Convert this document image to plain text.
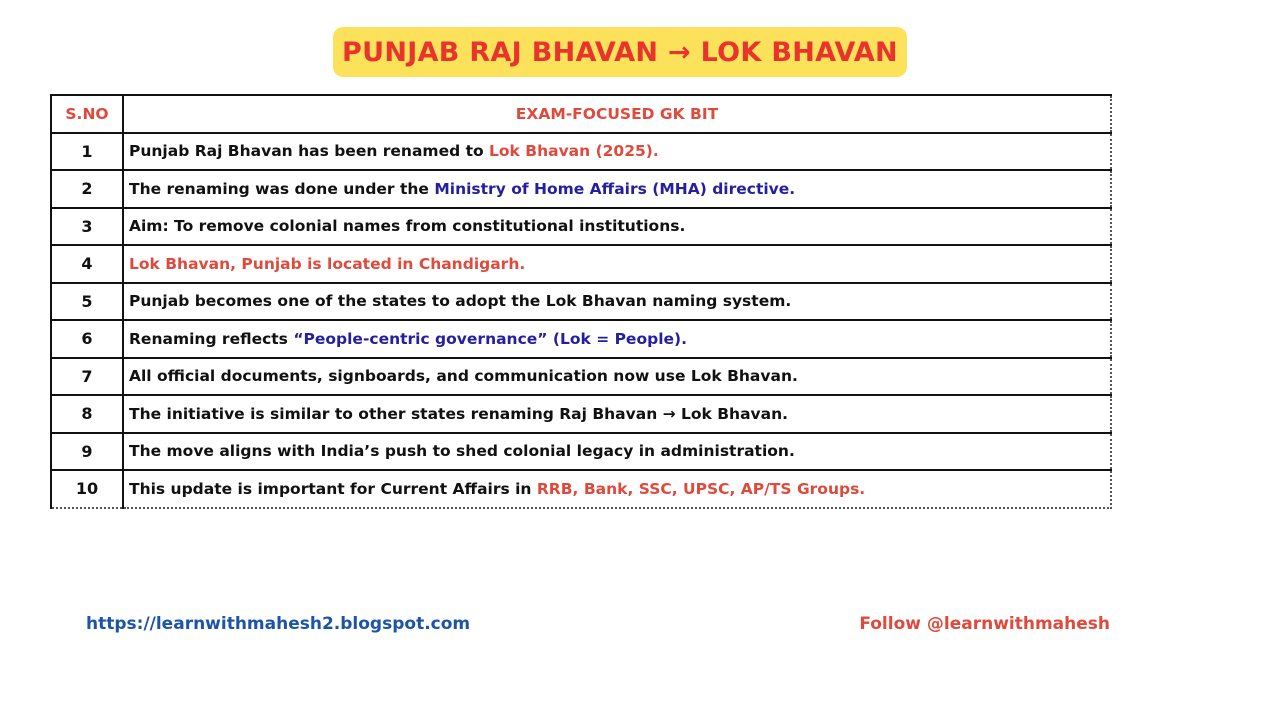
PUNJAB RAJ BHAVAN → LOK BHAVAN
S.NO	EXAM-FOCUSED GK BIT
1	Punjab Raj Bhavan has been renamed to Lok Bhavan (2025).
2	The renaming was done under the Ministry of Home Affairs (MHA) directive.
3	Aim: To remove colonial names from constitutional institutions.
4	Lok Bhavan, Punjab is located in Chandigarh.
5	Punjab becomes one of the states to adopt the Lok Bhavan naming system.
6	Renaming reflects “People-centric governance” (Lok = People).
7	All official documents, signboards, and communication now use Lok Bhavan.
8	The initiative is similar to other states renaming Raj Bhavan → Lok Bhavan.
9	The move aligns with India’s push to shed colonial legacy in administration.
10	This update is important for Current Affairs in RRB, Bank, SSC, UPSC, AP/TS Groups.
https://learnwithmahesh2.blogspot.com	Follow @learnwithmahesh
